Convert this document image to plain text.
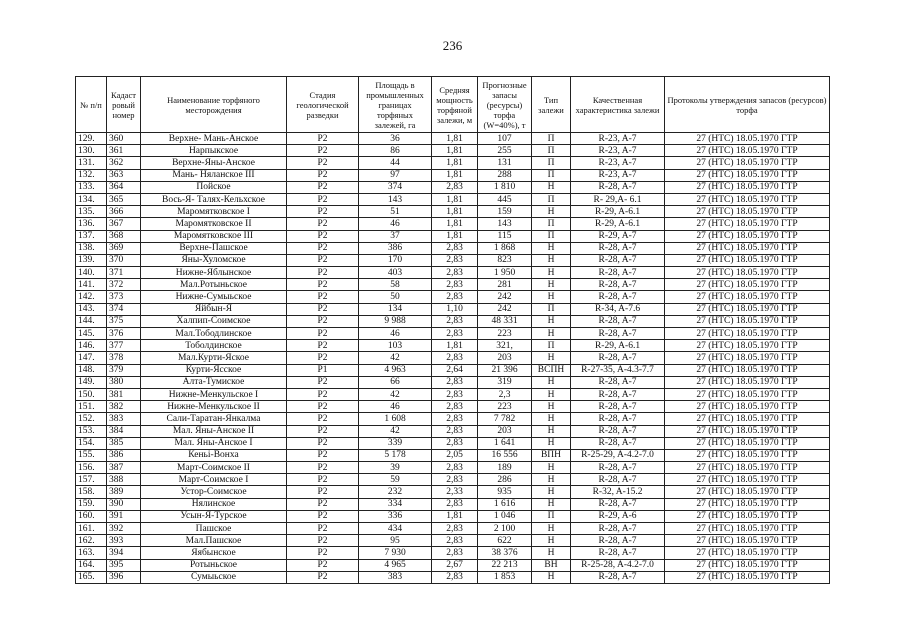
236
№ п/п	Кадаст ровый номер	Наименование торфяного месторождения	Стадия геологической разведки	Площадь в промышленных границах торфяных залежей, га	Средняя мощность торфяной залежи, м	Прогнозные запасы (ресурсы) торфа (W=40%), т	Тип залежи	Качественная характеристика залежи	Протоколы утверждения запасов (ресурсов) торфа
129.	360	Верхне- Мань-Анское	Р2	36	1,81	107	П	R-23, A-7	27 (НТС) 18.05.1970 ГТР
130.	361	Нарпыкское	Р2	86	1,81	255	П	R-23, A-7	27 (НТС) 18.05.1970 ГТР
131.	362	Верхне-Яны-Анское	Р2	44	1,81	131	П	R-23, A-7	27 (НТС) 18.05.1970 ГТР
132.	363	Мань- Няланское III	Р2	97	1,81	288	П	R-23, A-7	27 (НТС) 18.05.1970 ГТР
133.	364	Пойское	Р2	374	2,83	1 810	Н	R-28, A-7	27 (НТС) 18.05.1970 ГТР
134.	365	Вось-Я- Талях-Кельхское	Р2	143	1,81	445	П	R- 29,A- 6.1	27 (НТС) 18.05.1970 ГТР
135.	366	Маромятковское I	Р2	51	1,81	159	Н	R-29, A-6.1	27 (НТС) 18.05.1970 ГТР
136.	367	Маромятковское II	Р2	46	1,81	143	П	R-29, A-6.1	27 (НТС) 18.05.1970 ГТР
137.	368	Маромятковское III	Р2	37	1,81	115	П	R-29, A-7	27 (НТС) 18.05.1970 ГТР
138.	369	Верхне-Пашское	Р2	386	2,83	1 868	Н	R-28, A-7	27 (НТС) 18.05.1970 ГТР
139.	370	Яны-Хуломское	Р2	170	2,83	823	Н	R-28, A-7	27 (НТС) 18.05.1970 ГТР
140.	371	Нижне-Яблынское	Р2	403	2,83	1 950	Н	R-28, A-7	27 (НТС) 18.05.1970 ГТР
141.	372	Мал.Ротыньское	Р2	58	2,83	281	Н	R-28, A-7	27 (НТС) 18.05.1970 ГТР
142.	373	Нижне-Сумыьское	Р2	50	2,83	242	Н	R-28, A-7	27 (НТС) 18.05.1970 ГТР
143.	374	Яйбын-Я	Р2	134	1,10	242	П	R-34, A-7.6	27 (НТС) 18.05.1970 ГТР
144.	375	Халпип-Соимское	Р2	9 988	2,83	48 331	Н	R-28, A-7	27 (НТС) 18.05.1970 ГТР
145.	376	Мал.Тободлинское	Р2	46	2,83	223	Н	R-28, A-7	27 (НТС) 18.05.1970 ГТР
146.	377	Тоболдинское	Р2	103	1,81	321,	П	R-29, A-6.1	27 (НТС) 18.05.1970 ГТР
147.	378	Мал.Курти-Яское	Р2	42	2,83	203	Н	R-28, A-7	27 (НТС) 18.05.1970 ГТР
148.	379	Курти-Ясское	Р1	4 963	2,64	21 396	ВСПН	R-27-35, A-4.3-7.7	27 (НТС) 18.05.1970 ГТР
149.	380	Алта-Тумиское	Р2	66	2,83	319	Н	R-28, A-7	27 (НТС) 18.05.1970 ГТР
150.	381	Нижне-Менкульское I	Р2	42	2,83	2,3	Н	R-28, A-7	27 (НТС) 18.05.1970 ГТР
151.	382	Нижне-Менкульское II	Р2	46	2,83	223	Н	R-28, A-7	27 (НТС) 18.05.1970 ГТР
152.	383	Сали-Таратан-Янкалма	Р2	1 608	2,83	7 782	Н	R-28, A-7	27 (НТС) 18.05.1970 ГТР
153.	384	Мал. Яны-Анское II	Р2	42	2,83	203	Н	R-28, A-7	27 (НТС) 18.05.1970 ГТР
154.	385	Мал. Яны-Анское I	Р2	339	2,83	1 641	Н	R-28, A-7	27 (НТС) 18.05.1970 ГТР
155.	386	Кеньі-Вонха	Р2	5 178	2,05	16 556	ВПН	R-25-29, A-4.2-7.0	27 (НТС) 18.05.1970 ГТР
156.	387	Март-Соимское II	Р2	39	2,83	189	Н	R-28, A-7	27 (НТС) 18.05.1970 ГТР
157.	388	Март-Соимское I	Р2	59	2,83	286	Н	R-28, A-7	27 (НТС) 18.05.1970 ГТР
158.	389	Устор-Соимское	Р2	232	2,33	935	Н	R-32, A-15.2	27 (НТС) 18.05.1970 ГТР
159.	390	Нялинское	Р2	334	2,83	1 616	Н	R-28, A-7	27 (НТС) 18.05.1970 ГТР
160.	391	Усын-Я-Турское	Р2	336	1,81	1 046	П	R-29, A-6	27 (НТС) 18.05.1970 ГТР
161.	392	Пашское	Р2	434	2,83	2 100	Н	R-28, A-7	27 (НТС) 18.05.1970 ГТР
162.	393	Мал.Пашское	Р2	95	2,83	622	Н	R-28, A-7	27 (НТС) 18.05.1970 ГТР
163.	394	Яябынское	Р2	7 930	2,83	38 376	Н	R-28, A-7	27 (НТС) 18.05.1970 ГТР
164.	395	Ротыньское	Р2	4 965	2,67	22 213	ВН	R-25-28, A-4.2-7.0	27 (НТС) 18.05.1970 ГТР
165.	396	Сумыьское	Р2	383	2,83	1 853	Н	R-28, A-7	27 (НТС) 18.05.1970 ГТР
